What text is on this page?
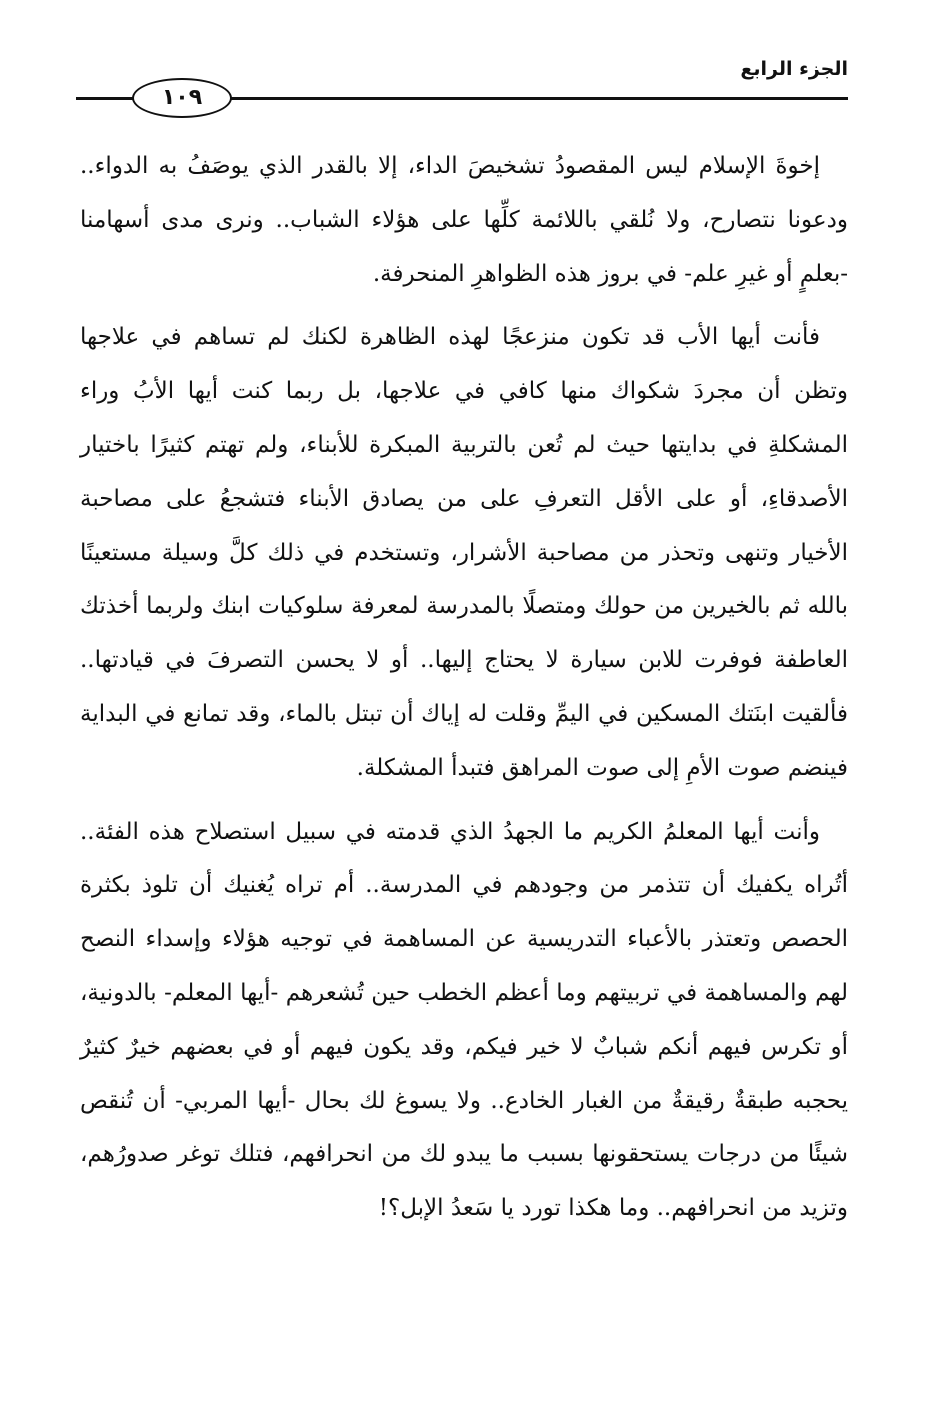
الجزء الرابع
١٠٩

إخوةَ الإسلام ليس المقصودُ تشخيصَ الداء، إلا بالقدر الذي يوصَفُ به الدواء.. ودعونا نتصارح، ولا نُلقي باللائمة كلِّها على هؤلاء الشباب.. ونرى مدى أسهامنا -بعلمٍ أو غيرِ علم- في بروز هذه الظواهرِ المنحرفة.

فأنت أيها الأب قد تكون منزعجًا لهذه الظاهرة لكنك لم تساهم في علاجها وتظن أن مجردَ شكواك منها كافي في علاجها، بل ربما كنت أيها الأبُ وراء المشكلةِ في بدايتها حيث لم تُعن بالتربية المبكرة للأبناء، ولم تهتم كثيرًا باختيار الأصدقاءِ، أو على الأقل التعرفِ على من يصادق الأبناء فتشجعُ على مصاحبة الأخيار وتنهى وتحذر من مصاحبة الأشرار، وتستخدم في ذلك كلَّ وسيلة مستعينًا بالله ثم بالخيرين من حولك ومتصلًا بالمدرسة لمعرفة سلوكيات ابنك ولربما أخذتك العاطفة فوفرت للابن سيارة لا يحتاج إليها.. أو لا يحسن التصرفَ في قيادتها.. فألقيت ابنَتك المسكين في اليمِّ وقلت له إياك أن تبتل بالماء، وقد تمانع في البداية فينضم صوت الأمِ إلى صوت المراهق فتبدأ المشكلة.

وأنت أيها المعلمُ الكريم ما الجهدُ الذي قدمته في سبيل استصلاح هذه الفئة.. أتُراه يكفيك أن تتذمر من وجودهم في المدرسة.. أم تراه يُغنيك أن تلوذ بكثرة الحصص وتعتذر بالأعباء التدريسية عن المساهمة في توجيه هؤلاء وإسداء النصح لهم والمساهمة في تربيتهم وما أعظم الخطب حين تُشعرهم -أيها المعلم- بالدونية، أو تكرس فيهم أنكم شبابٌ لا خير فيكم، وقد يكون فيهم أو في بعضهم خيرٌ كثيرٌ يحجبه طبقةٌ رقيقةٌ من الغبار الخادع.. ولا يسوغ لك بحال -أيها المربي- أن تُنقص شيئًا من درجات يستحقونها بسبب ما يبدو لك من انحرافهم، فتلك توغر صدورُهم، وتزيد من انحرافهم.. وما هكذا تورد يا سَعدُ الإبل؟!
